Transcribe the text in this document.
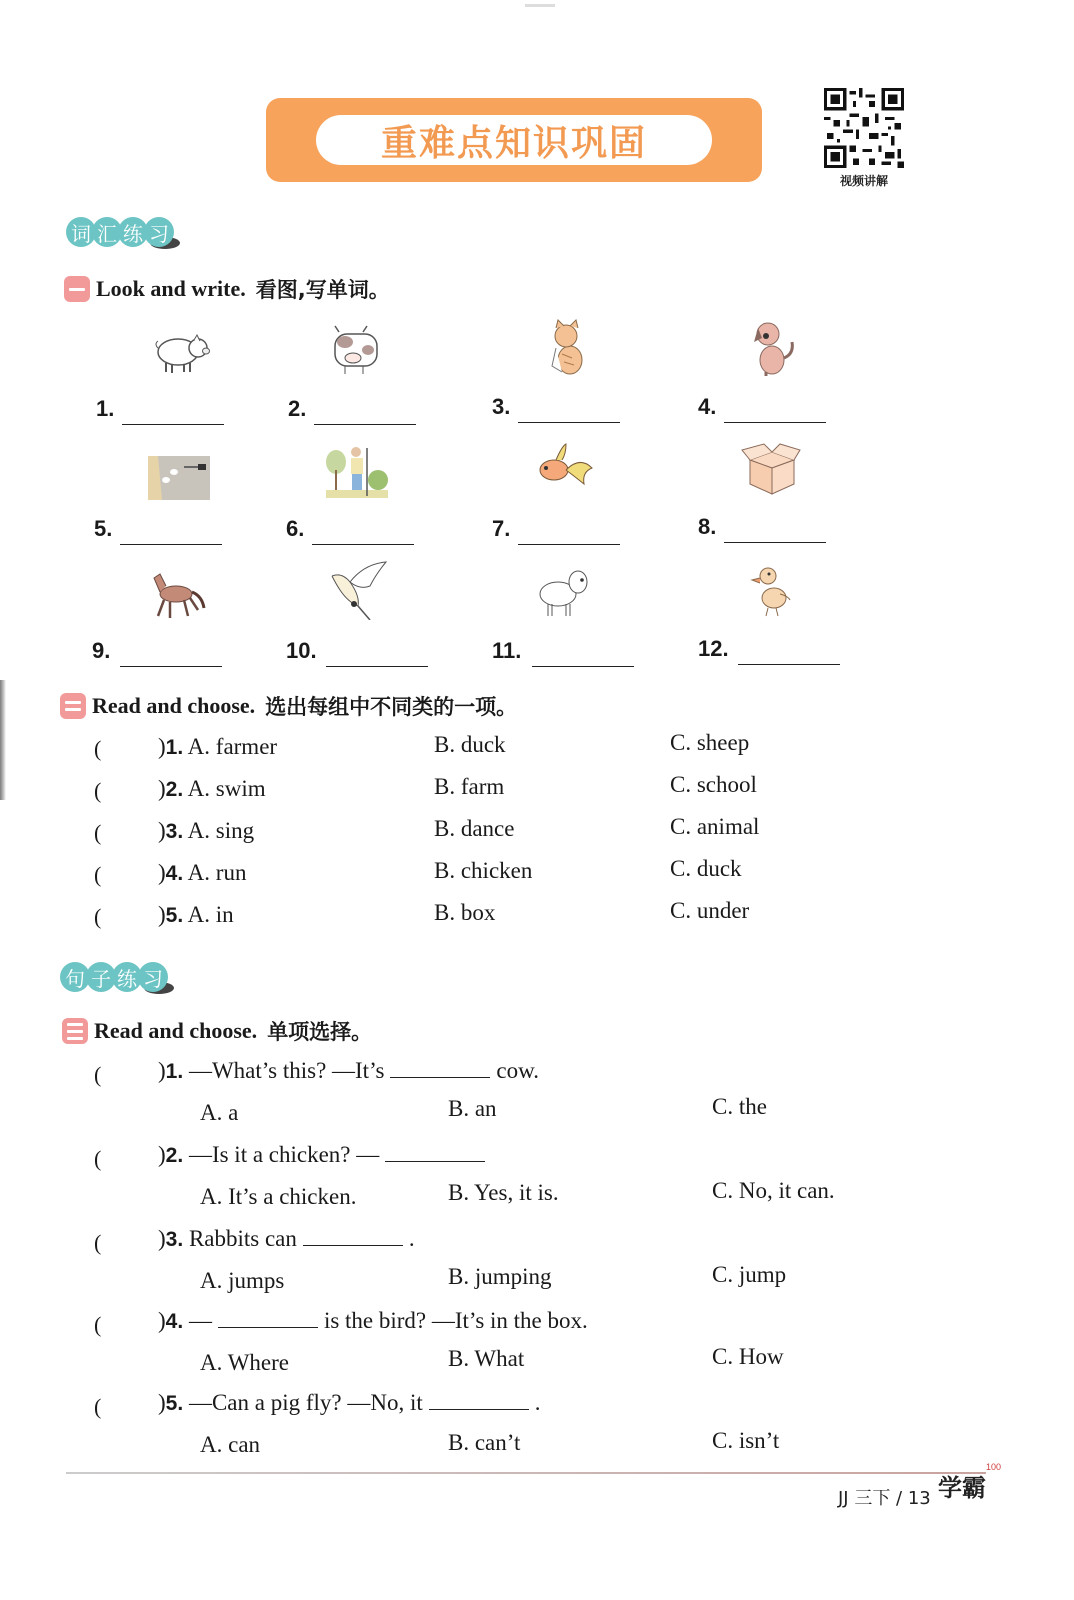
重难点知识巩固
视频讲解
词 汇 练 习
Look and write. 看图,写单词。
1.	2.	3.	4.
5.	6.	7.	8.
9.	10.	11.	12.
Read and choose. 选出每组中不同类的一项。
( )1. A. farmer	B. duck	C. sheep
( )2. A. swim	B. farm	C. school
( )3. A. sing	B. dance	C. animal
( )4. A. run	B. chicken	C. duck
( )5. A. in	B. box	C. under
句 子 练 习
Read and choose. 单项选择。
( )1. —What’s this? —It’s	cow.
A. a	B. an	C. the
( )2. —Is it a chicken? —
A. It’s a chicken.	B. Yes, it is.	C. No, it can.
( )3. Rabbits can	.
A. jumps	B. jumping	C. jump
( )4. —	is the bird? —It’s in the box.
A. Where	B. What	C. How
( )5. —Can a pig fly? —No, it	.
A. can	B. can’t	C. isn’t
JJ 三下 / 13 学霸
100
